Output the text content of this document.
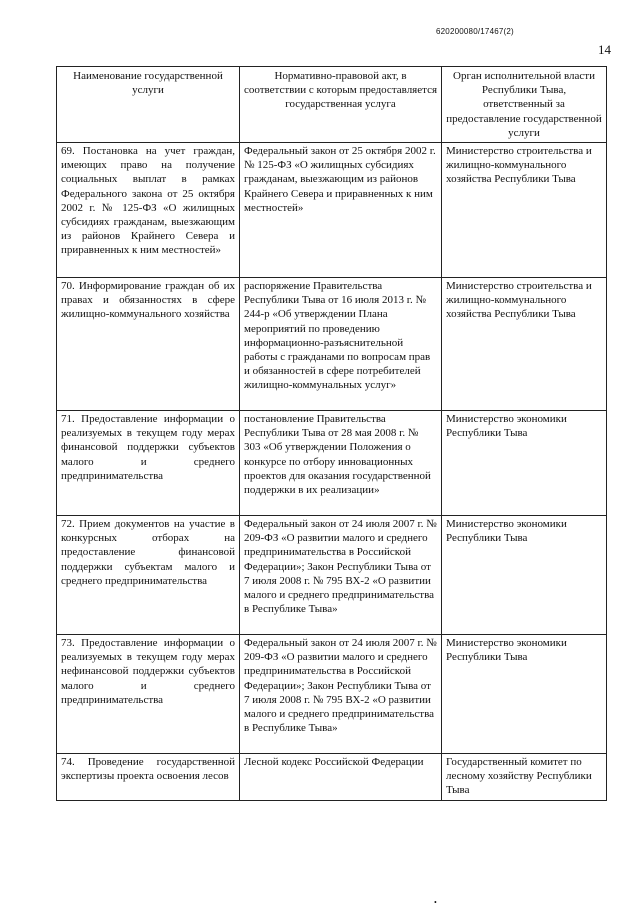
620200080/17467(2)
14
Наименование государственной услуги	Нормативно-правовой акт, в соответствии с которым предоставляется государственная услуга	Орган исполнительной власти Республики Тыва, ответственный за предоставление государственной услуги
69. Постановка на учет граждан, имеющих право на получение социальных выплат в рамках Федерального закона от 25 октября 2002 г. № 125-ФЗ «О жилищных субсидиях гражданам, выезжающим из районов Крайнего Севера и приравненных к ним местностей»	Федеральный закон от 25 октября 2002 г. № 125-ФЗ «О жилищных субсидиях гражданам, выезжающим из районов Крайнего Севера и приравненных к ним местностей»	Министерство строительства и жилищно-коммунального хозяйства Республики Тыва
70. Информирование граждан об их правах и обязанностях в сфере жилищно-коммунального хозяйства	распоряжение Правительства Республики Тыва от 16 июля 2013 г. № 244-р «Об утверждении Плана мероприятий по проведению информационно-разъяснительной работы с гражданами по вопросам прав и обязанностей в сфере потребителей жилищно-коммунальных услуг»	Министерство строительства и жилищно-коммунального хозяйства Республики Тыва
71. Предоставление информации о реализуемых в текущем году мерах финансовой поддержки субъектов малого и среднего предпринимательства	постановление Правительства Республики Тыва от 28 мая 2008 г. № 303 «Об утверждении Положения о конкурсе по отбору инновационных проектов для оказания государственной поддержки в их реализации»	Министерство экономики Республики Тыва
72. Прием документов на участие в конкурсных отборах на предоставление финансовой поддержки субъектам малого и среднего предпринимательства	Федеральный закон от 24 июля 2007 г. № 209-ФЗ «О развитии малого и среднего предпринимательства в Российской Федерации»; Закон Республики Тыва от 7 июля 2008 г. № 795 ВХ-2 «О развитии малого и среднего предпринимательства в Республике Тыва»	Министерство экономики Республики Тыва
73. Предоставление информации о реализуемых в текущем году мерах нефинансовой поддержки субъектов малого и среднего предпринимательства	Федеральный закон от 24 июля 2007 г. № 209-ФЗ «О развитии малого и среднего предпринимательства в Российской Федерации»; Закон Республики Тыва от 7 июля 2008 г. № 795 ВХ-2 «О развитии малого и среднего предпринимательства в Республике Тыва»	Министерство экономики Республики Тыва
74. Проведение государственной экспертизы проекта освоения лесов	Лесной кодекс Российской Федерации	Государственный комитет по лесному хозяйству Республики Тыва
•
